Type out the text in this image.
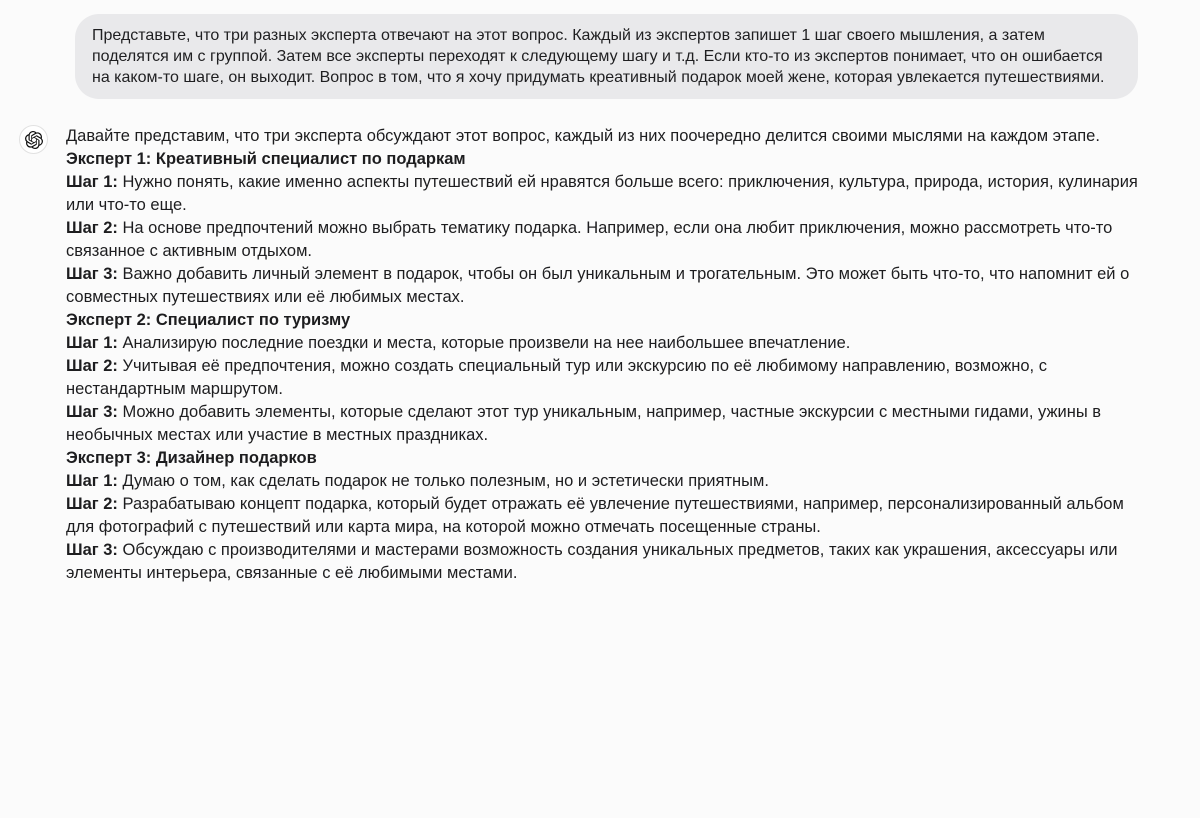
Представьте, что три разных эксперта отвечают на этот вопрос. Каждый из экспертов запишет 1 шаг своего мышления, а затем поделятся им с группой. Затем все эксперты переходят к следующему шагу и т.д. Если кто-то из экспертов понимает, что он ошибается на каком-то шаге, он выходит. Вопрос в том, что я хочу придумать креативный подарок моей жене, которая увлекается путешествиями.

Давайте представим, что три эксперта обсуждают этот вопрос, каждый из них поочередно делится своими мыслями на каждом этапе.

Эксперт 1: Креативный специалист по подаркам

Шаг 1: Нужно понять, какие именно аспекты путешествий ей нравятся больше всего: приключения, культура, природа, история, кулинария или что-то еще.

Шаг 2: На основе предпочтений можно выбрать тематику подарка. Например, если она любит приключения, можно рассмотреть что-то связанное с активным отдыхом.

Шаг 3: Важно добавить личный элемент в подарок, чтобы он был уникальным и трогательным. Это может быть что-то, что напомнит ей о совместных путешествиях или её любимых местах.

Эксперт 2: Специалист по туризму

Шаг 1: Анализирую последние поездки и места, которые произвели на нее наибольшее впечатление.

Шаг 2: Учитывая её предпочтения, можно создать специальный тур или экскурсию по её любимому направлению, возможно, с нестандартным маршрутом.

Шаг 3: Можно добавить элементы, которые сделают этот тур уникальным, например, частные экскурсии с местными гидами, ужины в необычных местах или участие в местных праздниках.

Эксперт 3: Дизайнер подарков

Шаг 1: Думаю о том, как сделать подарок не только полезным, но и эстетически приятным.

Шаг 2: Разрабатываю концепт подарка, который будет отражать её увлечение путешествиями, например, персонализированный альбом для фотографий с путешествий или карта мира, на которой можно отмечать посещенные страны.

Шаг 3: Обсуждаю с производителями и мастерами возможность создания уникальных предметов, таких как украшения, аксессуары или элементы интерьера, связанные с её любимыми местами.
